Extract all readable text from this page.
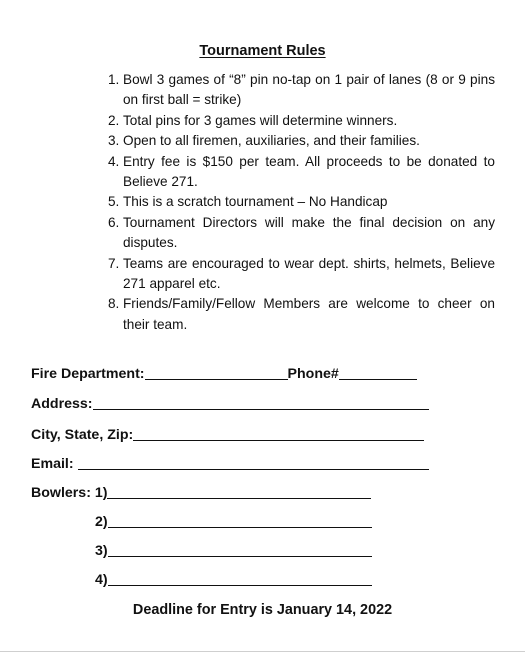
Tournament Rules
1. Bowl 3 games of “8” pin no-tap on 1 pair of lanes (8 or 9 pins on first ball = strike)
2. Total pins for 3 games will determine winners.
3. Open to all firemen, auxiliaries, and their families.
4. Entry fee is $150 per team. All proceeds to be donated to Believe 271.
5. This is a scratch tournament – No Handicap
6. Tournament Directors will make the final decision on any disputes.
7. Teams are encouraged to wear dept. shirts, helmets, Believe 271 apparel etc.
8. Friends/Family/Fellow Members are welcome to cheer on their team.
Fire Department:	Phone#
Address:
City, State, Zip:
Email:
Bowlers: 1)
2)
3)
4)
Deadline for Entry is January 14, 2022
